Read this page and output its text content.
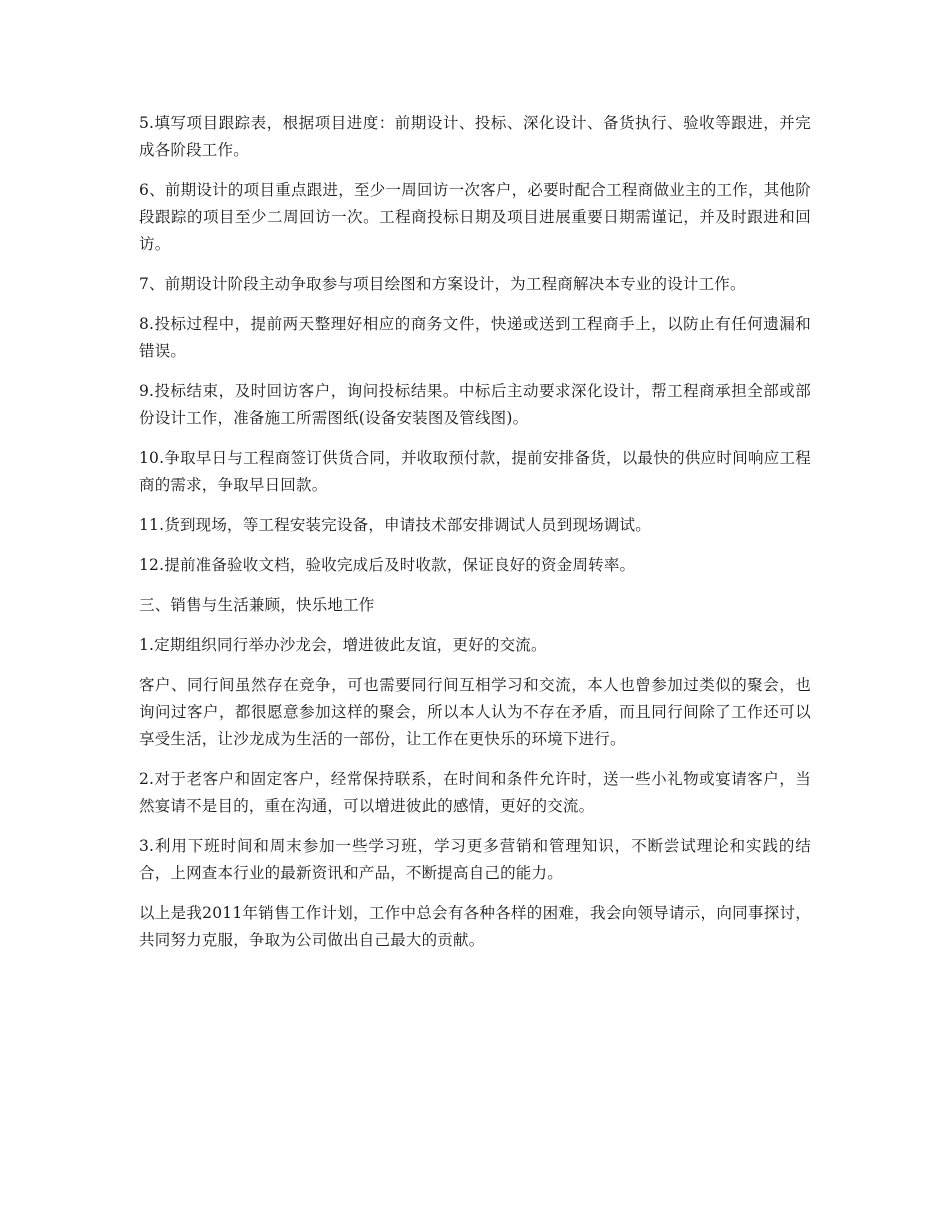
5.填写项目跟踪表，根据项目进度：前期设计、投标、深化设计、备货执行、验收等跟进，并完成各阶段工作。

6、前期设计的项目重点跟进，至少一周回访一次客户，必要时配合工程商做业主的工作，其他阶段跟踪的项目至少二周回访一次。工程商投标日期及项目进展重要日期需谨记，并及时跟进和回访。

7、前期设计阶段主动争取参与项目绘图和方案设计，为工程商解决本专业的设计工作。

8.投标过程中，提前两天整理好相应的商务文件，快递或送到工程商手上，以防止有任何遗漏和错误。

9.投标结束，及时回访客户，询问投标结果。中标后主动要求深化设计，帮工程商承担全部或部份设计工作，准备施工所需图纸(设备安装图及管线图)。

10.争取早日与工程商签订供货合同，并收取预付款，提前安排备货，以最快的供应时间响应工程商的需求，争取早日回款。

11.货到现场，等工程安装完设备，申请技术部安排调试人员到现场调试。

12.提前准备验收文档，验收完成后及时收款，保证良好的资金周转率。

三、销售与生活兼顾，快乐地工作

1.定期组织同行举办沙龙会，增进彼此友谊，更好的交流。

客户、同行间虽然存在竞争，可也需要同行间互相学习和交流，本人也曾参加过类似的聚会，也询问过客户，都很愿意参加这样的聚会，所以本人认为不存在矛盾，而且同行间除了工作还可以享受生活，让沙龙成为生活的一部份，让工作在更快乐的环境下进行。

2.对于老客户和固定客户，经常保持联系，在时间和条件允许时，送一些小礼物或宴请客户，当然宴请不是目的，重在沟通，可以增进彼此的感情，更好的交流。

3.利用下班时间和周末参加一些学习班，学习更多营销和管理知识，不断尝试理论和实践的结合，上网查本行业的最新资讯和产品，不断提高自己的能力。

以上是我2011年销售工作计划，工作中总会有各种各样的困难，我会向领导请示，向同事探讨，共同努力克服，争取为公司做出自己最大的贡献。
